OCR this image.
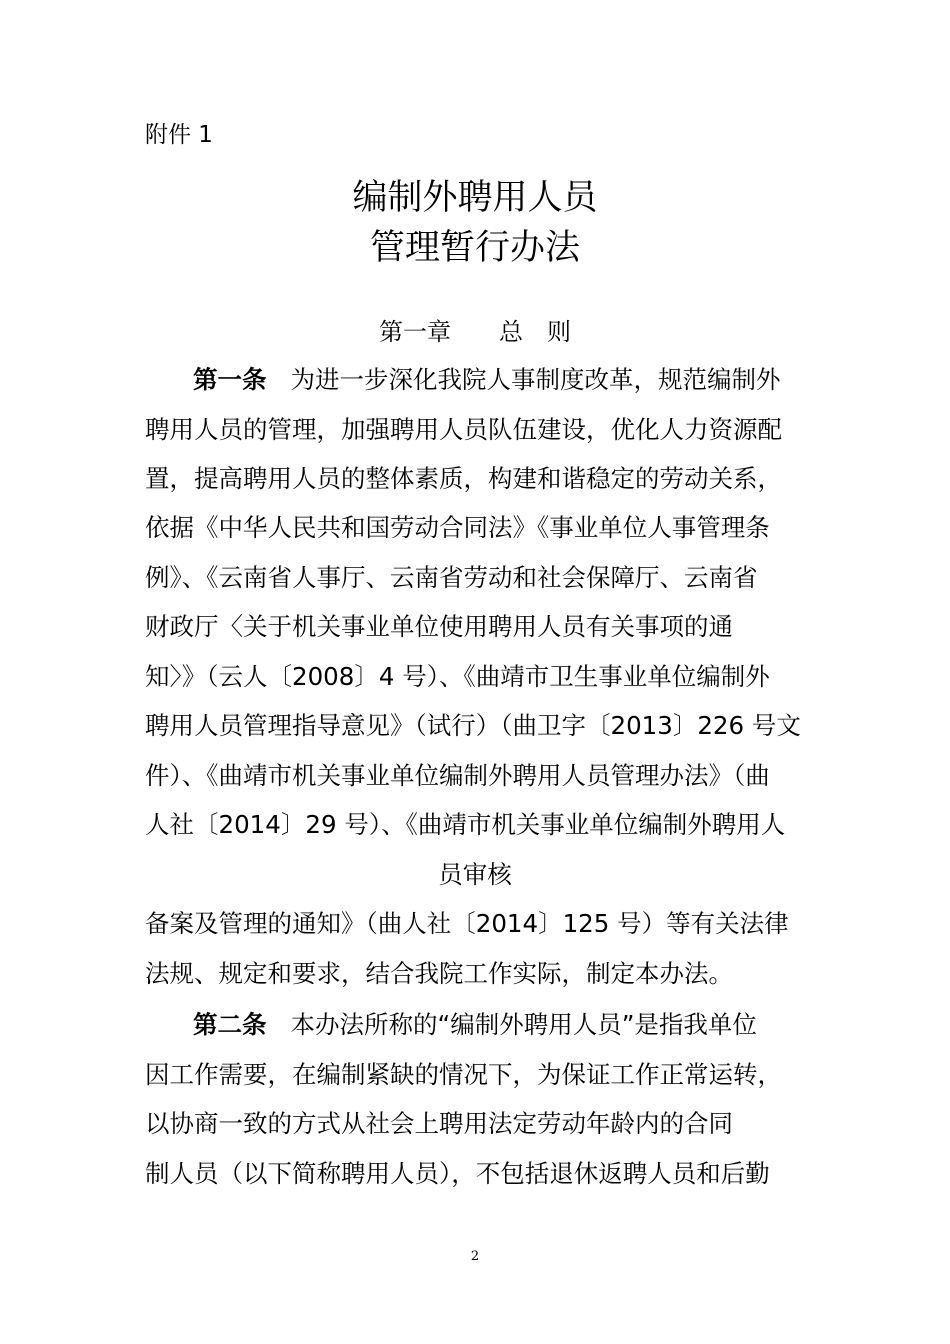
附件 1
编制外聘用人员
管理暂行办法
第一章　　总　则
第一条 为进一步深化我院人事制度改革，规范编制外
聘用人员的管理，加强聘用人员队伍建设，优化人力资源配
置，提高聘用人员的整体素质，构建和谐稳定的劳动关系，
依据《中华人民共和国劳动合同法》《事业单位人事管理条
例》、《云南省人事厅、云南省劳动和社会保障厅、云南省
财政厅〈关于机关事业单位使用聘用人员有关事项的通
知〉》（云人〔2008〕4 号）、《曲靖市卫生事业单位编制外
聘用人员管理指导意见》（试行）（曲卫字〔2013〕226 号文
件）、《曲靖市机关事业单位编制外聘用人员管理办法》（曲
人社〔2014〕29 号）、《曲靖市机关事业单位编制外聘用人
员审核
备案及管理的通知》（曲人社〔2014〕125 号）等有关法律
法规、规定和要求，结合我院工作实际，制定本办法。
第二条 本办法所称的“编制外聘用人员”是指我单位
因工作需要，在编制紧缺的情况下，为保证工作正常运转，
以协商一致的方式从社会上聘用法定劳动年龄内的合同
制人员（以下简称聘用人员），不包括退休返聘人员和后勤
2
